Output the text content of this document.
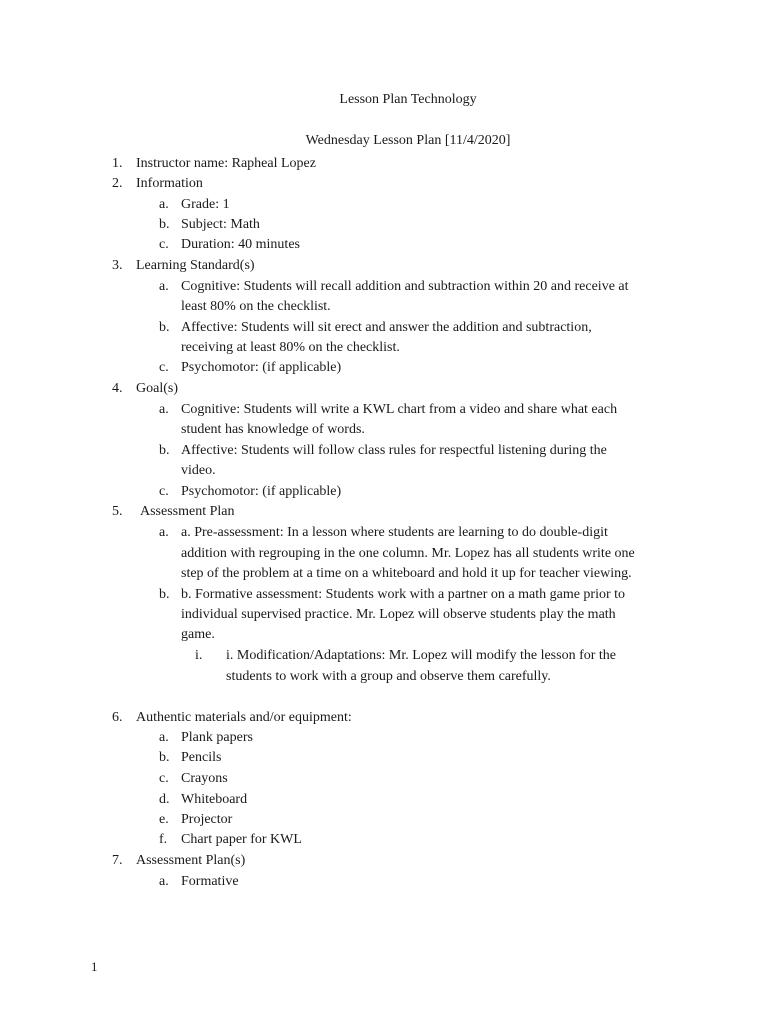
Lesson Plan Technology
Wednesday Lesson Plan [11/4/2020]
1. Instructor name: Rapheal Lopez
2. Information
a. Grade: 1
b. Subject: Math
c. Duration: 40 minutes
3. Learning Standard(s)
a. Cognitive: Students will recall addition and subtraction within 20 and receive at
least 80% on the checklist.
b. Affective: Students will sit erect and answer the addition and subtraction,
receiving at least 80% on the checklist.
c. Psychomotor: (if applicable)
4. Goal(s)
a. Cognitive: Students will write a KWL chart from a video and share what each
student has knowledge of words.
b. Affective: Students will follow class rules for respectful listening during the
video.
c. Psychomotor: (if applicable)
5. Assessment Plan
a. a. Pre-assessment: In a lesson where students are learning to do double-digit
addition with regrouping in the one column. Mr. Lopez has all students write one
step of the problem at a time on a whiteboard and hold it up for teacher viewing.
b. b. Formative assessment: Students work with a partner on a math game prior to
individual supervised practice. Mr. Lopez will observe students play the math
game.
i. i. Modification/Adaptations: Mr. Lopez will modify the lesson for the
students to work with a group and observe them carefully.
6. Authentic materials and/or equipment:
a. Plank papers
b. Pencils
c. Crayons
d. Whiteboard
e. Projector
f. Chart paper for KWL
7. Assessment Plan(s)
a. Formative
1
